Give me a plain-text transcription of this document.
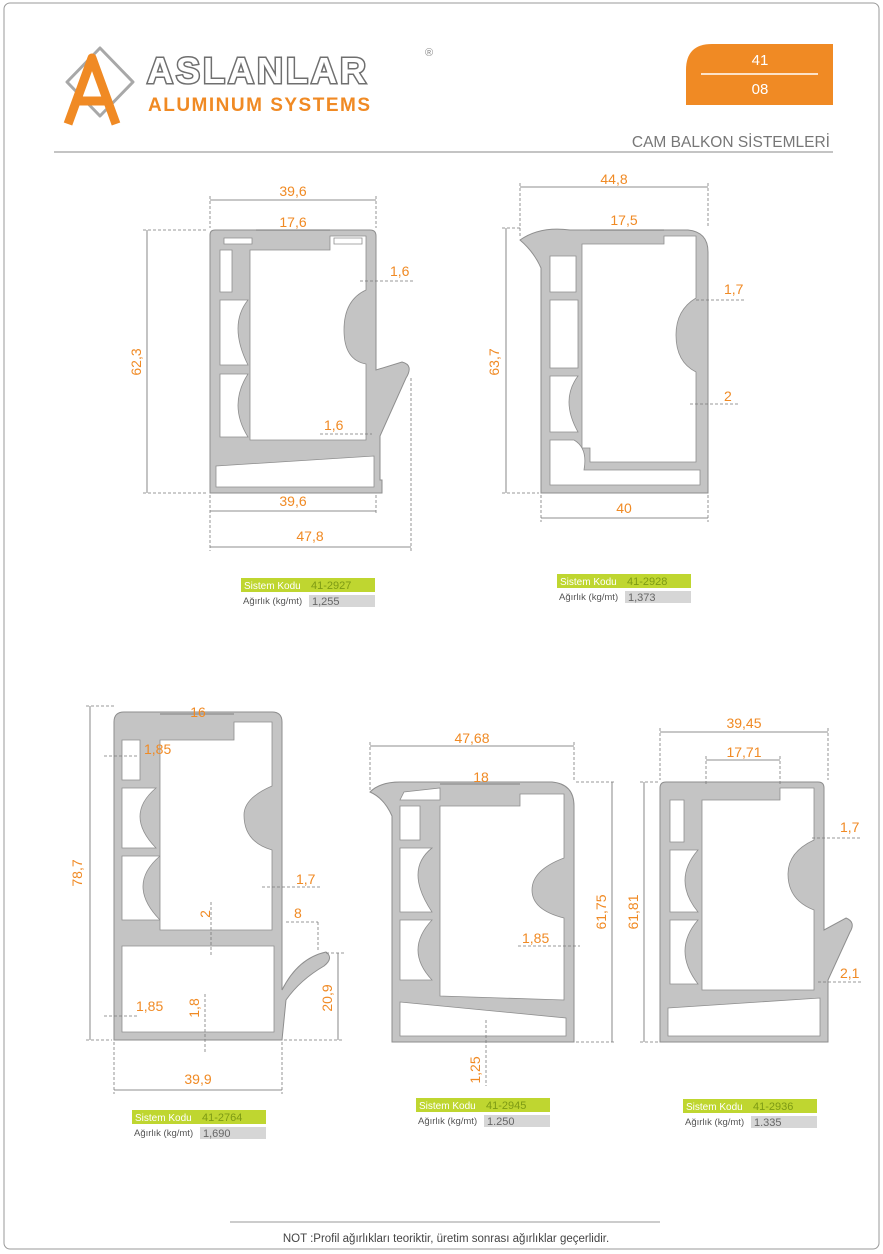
ASLANLAR	®
ALUMINUM SYSTEMS
41
08
CAM BALKON SİSTEMLERİ
39,6
17,6
1,6
62,3
1,6
39,6
47,8
Sistem Kodu 41-2927
Ağırlık (kg/mt) 1,255
44,8
17,5
63,7
1,7
2
40
Sistem Kodu 41-2928
Ağırlık (kg/mt) 1,373
16
1,85
78,7	1,7
2	8
20,9
1,85 1,8
39,9
Sistem Kodu 41-2764
Ağırlık (kg/mt) 1,690
47,68
18
61,75
1,85
1,25
Sistem Kodu 41-2945
Ağırlık (kg/mt) 1.250
39,45
17,71
1,7
61,81
2,1
Sistem Kodu 41-2936
Ağırlık (kg/mt) 1.335
NOT :Profil ağırlıkları teoriktir, üretim sonrası ağırlıklar geçerlidir.
